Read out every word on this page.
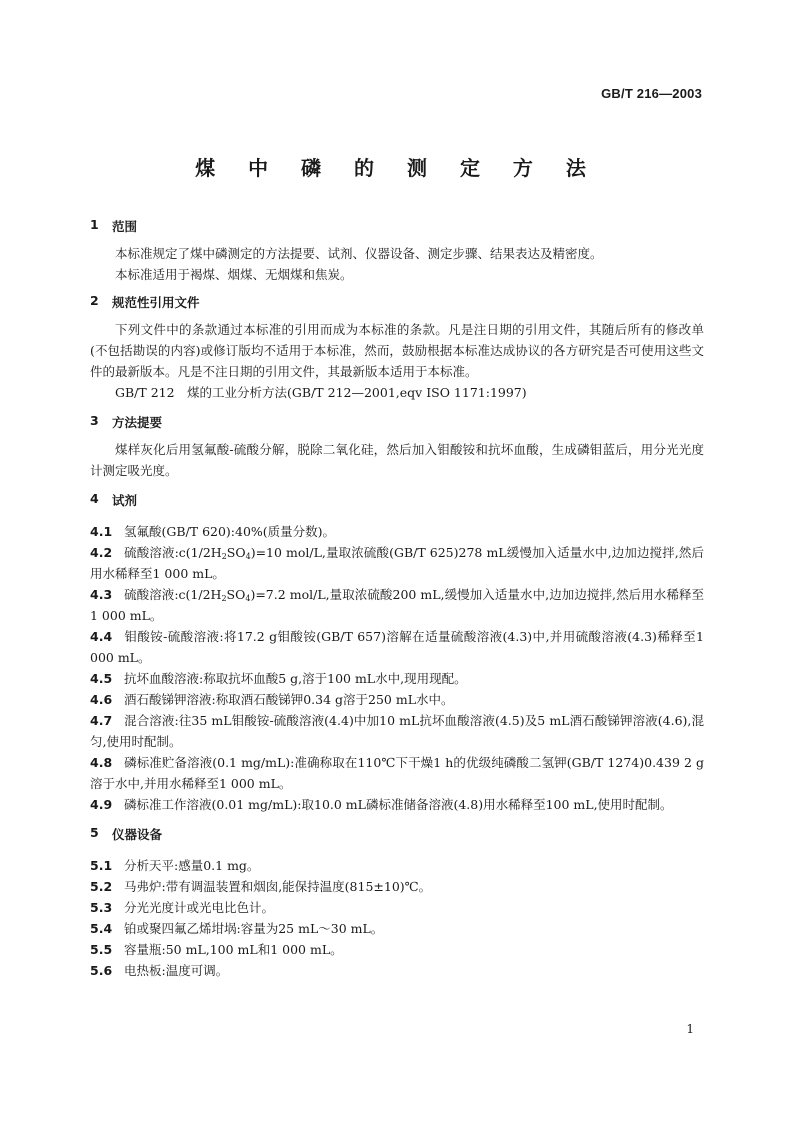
GB/T 216—2003
煤 中 磷 的 测 定 方 法
1	范围

本标准规定了煤中磷测定的方法提要、试剂、仪器设备、测定步骤、结果表达及精密度。

本标准适用于褐煤、烟煤、无烟煤和焦炭。

2	规范性引用文件

下列文件中的条款通过本标准的引用而成为本标准的条款。凡是注日期的引用文件，其随后所有的修改单(不包括勘误的内容)或修订版均不适用于本标准，然而，鼓励根据本标准达成协议的各方研究是否可使用这些文件的最新版本。凡是不注日期的引用文件，其最新版本适用于本标准。

GB/T 212　煤的工业分析方法(GB/T 212—2001,eqv ISO 1171:1997)

3	方法提要

煤样灰化后用氢氟酸-硫酸分解，脱除二氧化硅，然后加入钼酸铵和抗坏血酸，生成磷钼蓝后，用分光光度计测定吸光度。

4	试剂

4.1 氢氟酸(GB/T 620):40%(质量分数)。

4.2 硫酸溶液$:c(1/2H_2SO_4)=10$ mol/L,量取浓硫酸(GB/T 625)278 mL缓慢加入适量水中,边加边搅拌,然后用水稀释至1 000 mL。

4.3 硫酸溶液$:c(1/2H_2SO_4)=7.2$ mol/L,量取浓硫酸200 mL,缓慢加入适量水中,边加边搅拌,然后用水稀释至1 000 mL。

4.4 钼酸铵-硫酸溶液:将17.2 g钼酸铵(GB/T 657)溶解在适量硫酸溶液(4.3)中,并用硫酸溶液(4.3)稀释至1 000 mL。

4.5 抗坏血酸溶液:称取抗坏血酸5 g,溶于100 mL水中,现用现配。

4.6 酒石酸锑钾溶液:称取酒石酸锑钾0.34 g溶于250 mL水中。

4.7 混合溶液:往35 mL钼酸铵-硫酸溶液(4.4)中加10 mL抗坏血酸溶液(4.5)及5 mL酒石酸锑钾溶液(4.6),混匀,使用时配制。

4.8 磷标准贮备溶液(0.1 mg/mL):准确称取在110℃下干燥1 h的优级纯磷酸二氢钾(GB/T 1274)0.439 2 g溶于水中,并用水稀释至1 000 mL。

4.9 磷标准工作溶液(0.01 mg/mL):取10.0 mL磷标准储备溶液(4.8)用水稀释至100 mL,使用时配制。

5	仪器设备

5.1 分析天平:感量0.1 mg。

5.2 马弗炉:带有调温装置和烟囱,能保持温度(815±10)℃。

5.3 分光光度计或光电比色计。

5.4 铂或聚四氟乙烯坩埚:容量为25 mL～30 mL。

5.5 容量瓶:50 mL,100 mL和1 000 mL。

5.6 电热板:温度可调。

1
